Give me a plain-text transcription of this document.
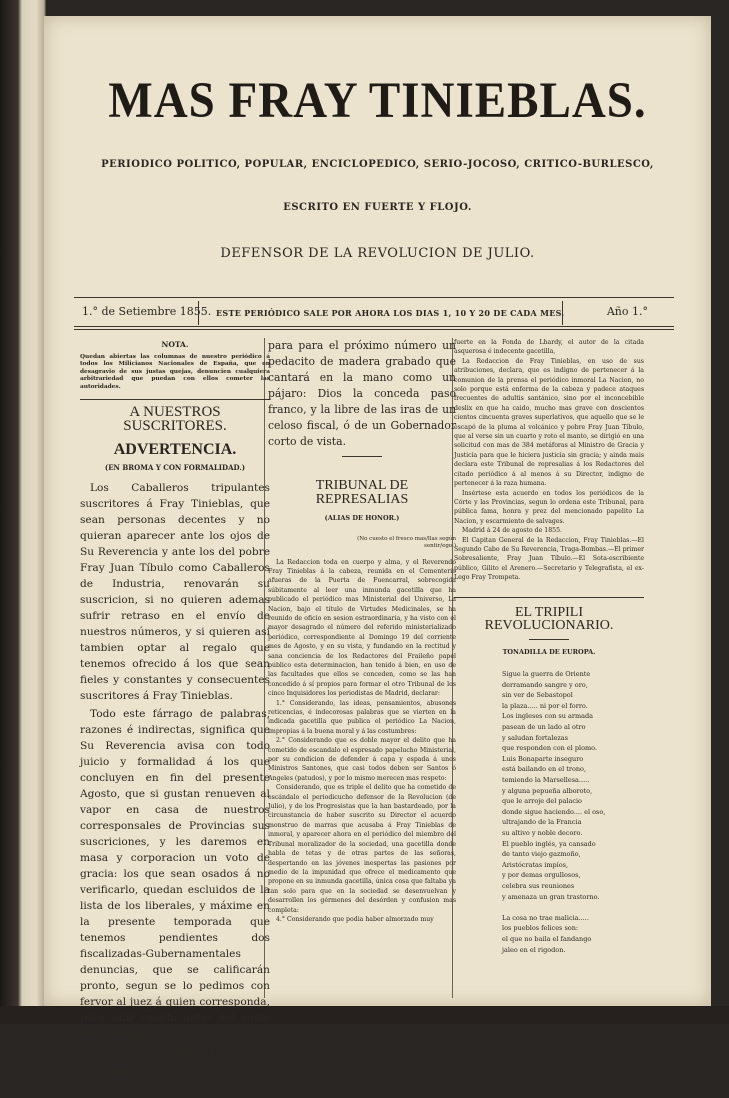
MAS FRAY TINIEBLAS.
PERIODICO POLITICO, POPULAR, ENCICLOPEDICO, SERIO-JOCOSO, CRITICO-BURLESCO,
ESCRITO EN FUERTE Y FLOJO.
DEFENSOR DE LA REVOLUCION DE JULIO.
1.° de Setiembre 1855. ESTE PERIÓDICO SALE POR AHORA LOS DIAS 1, 10 Y 20 DE CADA MES.	Año 1.°
NOTA.
Quedan abiertas las columnas de nuestro periódico á todos los Milicianos Nacionales de España, que en desagravio de sus justas quejas, denuncien cualquiera arbitrariedad que puedan con ellos cometer las autoridades.
A NUESTROS SUSCRITORES.
ADVERTENCIA.
(EN BROMA Y CON FORMALIDAD.)

Los Caballeros tripulantes suscritores á Fray Tinieblas, que sean personas decentes y no quieran aparecer ante los ojos de Su Reverencia y ante los del pobre Fray Juan Tíbulo como Caballeros de Industria, renovarán su suscricion, si no quieren ademas sufrir retraso en el envío de nuestros números, y si quieren asi tambien optar al regalo que tenemos ofrecido á los que sean fieles y constantes y consecuentes suscritores á Fray Tinieblas.

Todo este fárrago de palabras, razones é indirectas, significa que Su Reverencia avisa con todo juicio y formalidad á los que concluyen en fin del presente Agosto, que si gustan renueven al vapor en casa de nuestros corresponsales de Provincias sus suscriciones, y les daremos en masa y corporacion un voto de gracia: los que sean osados á no verificarlo, quedan escluidos de la lista de los liberales, y máxime en la presente temporada que tenemos pendientes dos fiscalizadas-Gubernamentales denuncias, que se calificarán pronto, segun se lo pedimos con fervor al juez á quien corresponda, para salir cuanto antes del susto que tenemos dentro del cuerpo.

OTRA Y BUENA.

Caballeros, y no de Industria; se pre-

para para el próximo número un pedacito de madera grabado que cantará en la mano como un pájaro: Dios la conceda paso franco, y la libre de las iras de un celoso fiscal, ó de un Gobernador corto de vista.

TRIBUNAL DE REPRESALIAS
(ALIAS DE HONOR.)
(No cuesto el fresco mas/llas según sentir/ego.)

La Redaccion toda en cuerpo y alma, y el Reverendo Fray Tinieblas á la cabeza, reunida en el Cementerio afueras de la Puerta de Fuencarral, sobrecogida súbitamente al leer una inmunda gacetilla que ha publicado el periódico mas Ministerial del Universo, La Nacion, bajo el título de Virtudes Medicinales, se ha reunido de oficio en sesion estraordinaria, y ha visto con el mayor desagrado el número del referido ministerializado periódico, correspondiente al Domingo 19 del corriente mes de Agosto, y en su vista, y fundando en la rectitud y sana conciencia de los Redactores del Fraileño papel público esta determinacion, han tenido á bien, en uso de las facultades que ellos se conceden, como se las han concedido á sí propios para formar el otro Tribunal de los cinco Inquisidores los periodistas de Madrid, declarar:

1.° Considerando, las ideas, pensamientos, abusones reticencias, é indecorosas palabras que se vierten en la indicada gacetilla que publica el periódico La Nacion, impropias á la buena moral y á las costumbres:

2.° Considerando que es doble mayor el delito que ha cometido de escandalo el espresado papelucho Ministerial, por su condicion de defender á capa y espada á unos Ministros Santones, que casi todos deben ser Santos ó Angeles (patudos), y por lo mismo merecen mas respeto:

Considerando, que es triple el delito que ha cometido de escándalo el periodicucho defensor de la Revolucion (de Julio), y de los Progresistas que la han bastardeado, por la circunstancia de haber suscrito su Director el acuerdo monstruo de marras que acusaba á Fray Tinieblas de inmoral, y aparecer ahora en el periódico del miembro del Tribunal moralizador de la sociedad, una gacetilla donde habla de tetas y de otras partes de las señoras, despertando en las jóvenes inespertas las pasiones por medio de la impunidad que ofrece el medicamento que propone en su inmunda gacetilla, única cosa que faltaba ya tan solo para que en la sociedad se desenvuelvan y desarrollen los gérmenes del desórden y confusion mas completa:

4.° Considerando que podia haber almorzado muy

fuerte en la Fonda de Lhardy, el autor de la citada asquerosa é indecente gacetilla,

La Redaccion de Fray Tinieblas, en uso de sus atribuciones, declara, que es indigno de pertenecer á la comunion de la prensa el periódico inmoral La Nacion, no solo porque está enferma de la cabeza y padece ataques frecuentes de adultis santánico, sino por el inconcebible deslix en que ha caido, mucho mas grave con doscientos cientos cincuenta graves superlativos, que aquello que se le escapó de la pluma al volcánico y pobre Fray Juan Tíbulo, que al verse sin un cuarto y roto el manto, se dirigió en una solicitud con mas de 384 metáforas al Ministro de Gracia y Justicia para que le hiciera justicia sin gracia; y ainda mais declara este Tribunal de represalias á los Redactores del citado periódico á al menos á su Director, indigno de pertenecer á la raza humana.

Insértese esta acuerdo en todos los periódicos de la Córte y las Provincias, segun lo ordena este Tribunal, para pública fama, honra y prez del mencionado papelito La Nacion, y escarmiento de salvages.

Madrid á 24 de agosto de 1855.

El Capitan General de la Redaccion, Fray Tinieblas.—El Segundo Cabo de Su Reverencia, Traga-Bombas.—El primer Sobresaliente, Fray Juan Tíbulo.—El Sota-escribiente público, Gilito el Arenero.—Secretario y Telegrafista, el ex-Lego Fray Trompeta.

EL TRIPILI REVOLUCIONARIO.
TONADILLA DE EUROPA.

Sigue la guerra de Oriente

derramando sangre y oro,

sin ver de Sebastopol

la plaza..... ni por el forro.

Los ingleses con su armada

pasean de un lado al otro

y saludan fortalezas

que responden con el plomo.

Luis Bonaparte inseguro

está bailando en el trono,

temiendo la Marsellesa.....

y alguna pepueña alboroto,

que le arroje del palacio

donde sigue haciendo.... el oso,

ultrajando de la Francia

su altivo y noble decoro.

El pueblo inglés, ya cansado

de tanto viejo gazmoño,

Aristócratas impíos,

y por demas orgullosos,

celebra sus reuniones

y amenaza un gran trastorno.

La cosa no trae malicia.....

los pueblos felices son:

el que no baila el fandango

jaleo en el rigodon.
